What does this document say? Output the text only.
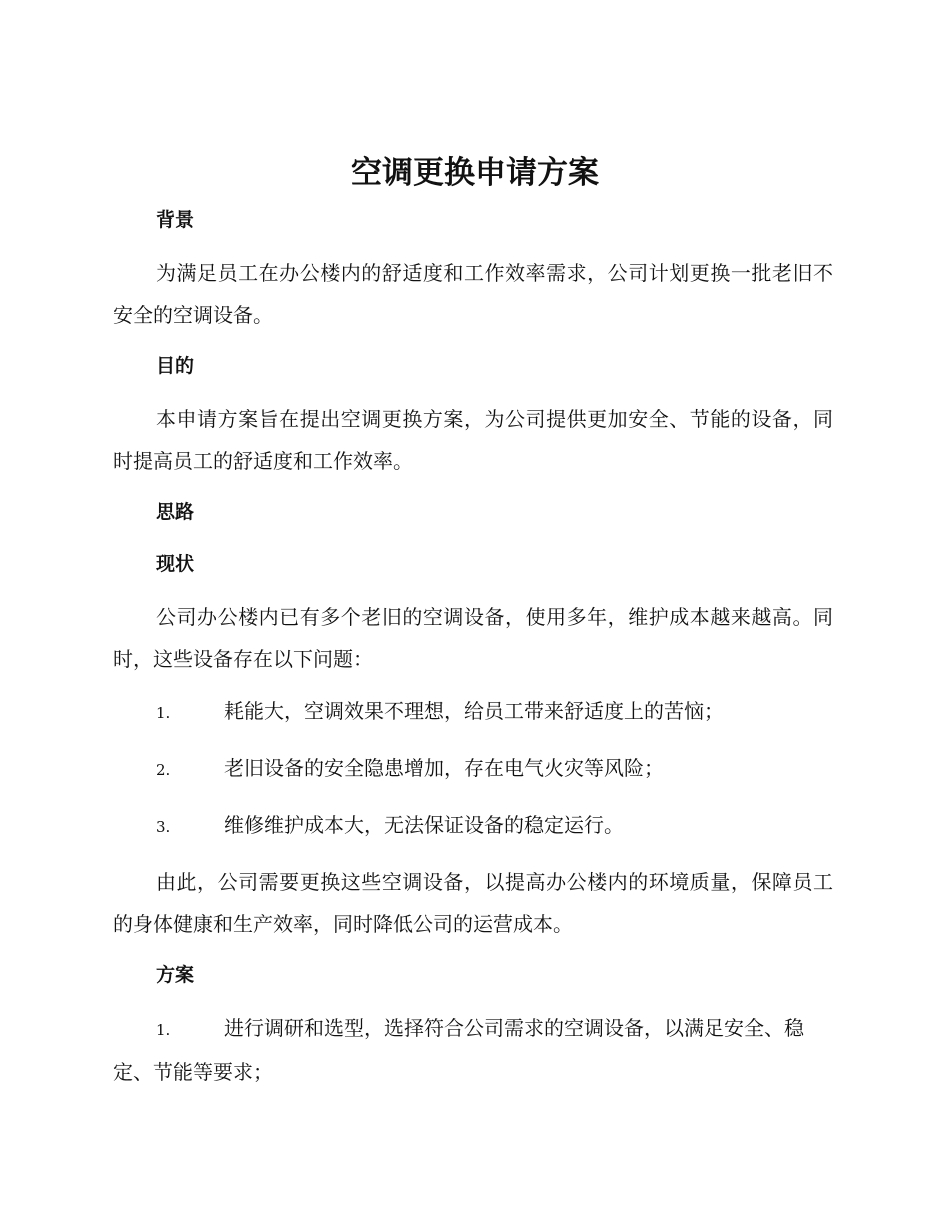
空调更换申请方案
背景

为满足员工在办公楼内的舒适度和工作效率需求，公司计划更换一批老旧不安全的空调设备。

目的

本申请方案旨在提出空调更换方案，为公司提供更加安全、节能的设备，同时提高员工的舒适度和工作效率。

思路
现状

公司办公楼内已有多个老旧的空调设备，使用多年，维护成本越来越高。同时，这些设备存在以下问题：

1.	耗能大，空调效果不理想，给员工带来舒适度上的苦恼；

2.	老旧设备的安全隐患增加，存在电气火灾等风险；

3.	维修维护成本大，无法保证设备的稳定运行。

由此，公司需要更换这些空调设备，以提高办公楼内的环境质量，保障员工的身体健康和生产效率，同时降低公司的运营成本。

方案

1.	进行调研和选型，选择符合公司需求的空调设备，以满足安全、稳定、节能等要求；
